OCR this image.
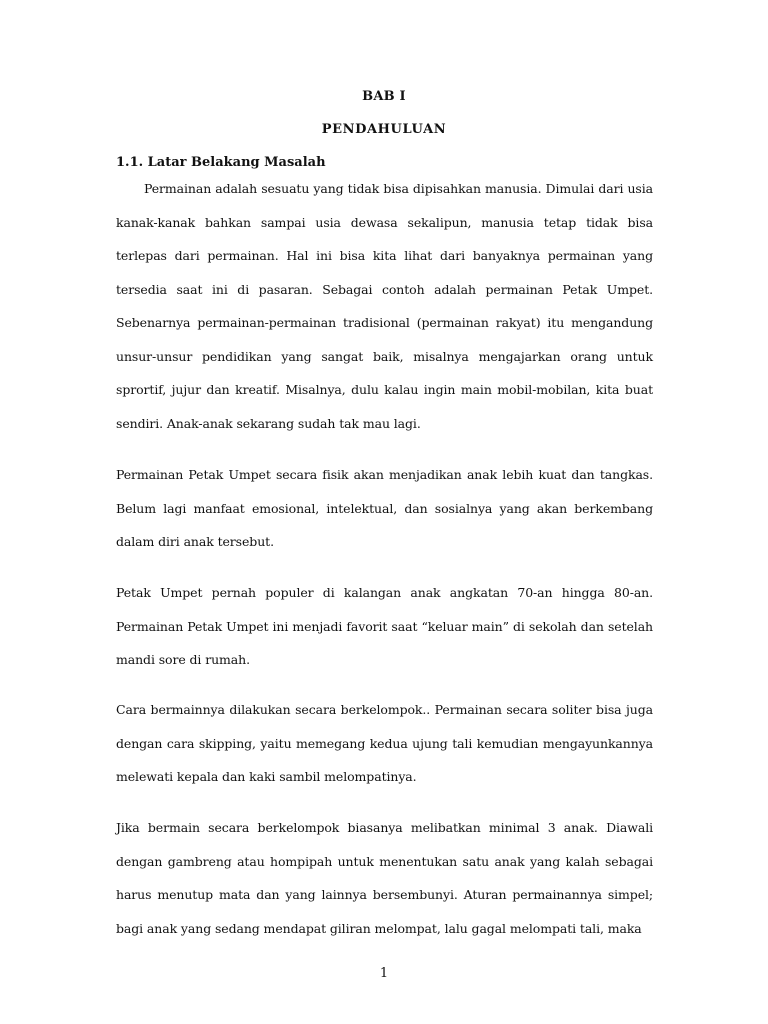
BAB I
PENDAHULUAN
1.1. Latar Belakang Masalah
Permainan adalah sesuatu yang tidak bisa dipisahkan manusia. Dimulai dari usia kanak-kanak bahkan sampai usia dewasa sekalipun, manusia tetap tidak bisa terlepas dari permainan. Hal ini bisa kita lihat dari banyaknya permainan yang tersedia saat ini di pasaran. Sebagai contoh adalah permainan Petak Umpet. Sebenarnya permainan-permainan tradisional (permainan rakyat) itu mengandung unsur-unsur pendidikan yang sangat baik, misalnya mengajarkan orang untuk sprortif, jujur dan kreatif. Misalnya, dulu kalau ingin main mobil-mobilan, kita buat sendiri. Anak-anak sekarang sudah tak mau lagi.
Permainan Petak Umpet secara fisik akan menjadikan anak lebih kuat dan tangkas. Belum lagi manfaat emosional, intelektual, dan sosialnya yang akan berkembang dalam diri anak tersebut.
Petak Umpet pernah populer di kalangan anak angkatan 70-an hingga 80-an. Permainan Petak Umpet ini menjadi favorit saat “keluar main” di sekolah dan setelah mandi sore di rumah.
Cara bermainnya dilakukan secara berkelompok.. Permainan secara soliter bisa juga dengan cara skipping, yaitu memegang kedua ujung tali kemudian mengayunkannya melewati kepala dan kaki sambil melompatinya.
Jika bermain secara berkelompok biasanya melibatkan minimal 3 anak. Diawali dengan gambreng atau hompipah untuk menentukan satu anak yang kalah sebagai harus menutup mata dan yang lainnya bersembunyi. Aturan permainannya simpel; bagi anak yang sedang mendapat giliran melompat, lalu gagal melompati tali, maka
1
